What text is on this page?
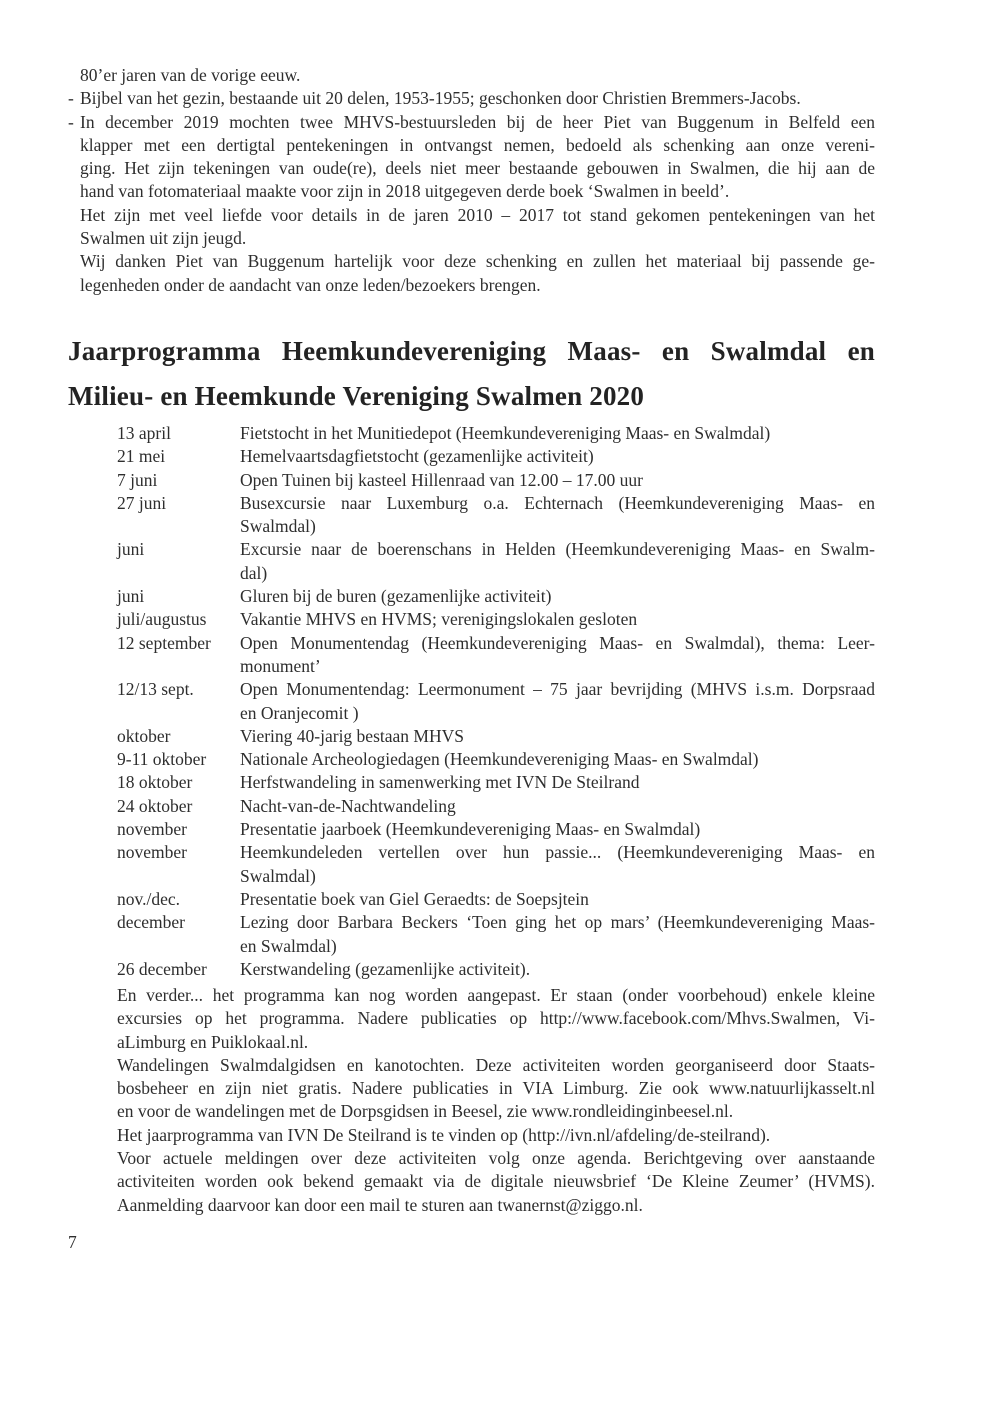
80’er jaren van de vorige eeuw.
- Bijbel van het gezin, bestaande uit 20 delen, 1953-1955; geschonken door Christien Bremmers-Jacobs.
- In december 2019 mochten twee MHVS-bestuursleden bij de heer Piet van Buggenum in Belfeld een
klapper met een dertigtal pentekeningen in ontvangst nemen, bedoeld als schenking aan onze vereni-
ging. Het zijn tekeningen van oude(re), deels niet meer bestaande gebouwen in Swalmen, die hij aan de
hand van fotomateriaal maakte voor zijn in 2018 uitgegeven derde boek ‘Swalmen in beeld’.
Het zijn met veel liefde voor details in de jaren 2010 – 2017 tot stand gekomen pentekeningen van het
Swalmen uit zijn jeugd.
Wij danken Piet van Buggenum hartelijk voor deze schenking en zullen het materiaal bij passende ge-
legenheden onder de aandacht van onze leden/bezoekers brengen.
Jaarprogramma Heemkundevereniging Maas- en Swalmdal en
Milieu- en Heemkunde Vereniging Swalmen 2020
13 april	Fietstocht in het Munitiedepot (Heemkundevereniging Maas- en Swalmdal)
21 mei	Hemelvaartsdagfietstocht (gezamenlijke activiteit)
7 juni	Open Tuinen bij kasteel Hillenraad van 12.00 – 17.00 uur
27 juni	Busexcursie naar Luxemburg o.a. Echternach (Heemkundevereniging Maas- en
Swalmdal)
juni	Excursie naar de boerenschans in Helden (Heemkundevereniging Maas- en Swalm-
dal)
juni	Gluren bij de buren (gezamenlijke activiteit)
juli/augustus	Vakantie MHVS en HVMS; verenigingslokalen gesloten
12 september	Open Monumentendag (Heemkundevereniging Maas- en Swalmdal), thema: Leer-
monument’
12/13 sept.	Open Monumentendag: Leermonument – 75 jaar bevrijding (MHVS i.s.m. Dorpsraad
en Oranjecomit )
oktober	Viering 40-jarig bestaan MHVS
9-11 oktober	Nationale Archeologiedagen (Heemkundevereniging Maas- en Swalmdal)
18 oktober	Herfstwandeling in samenwerking met IVN De Steilrand
24 oktober	Nacht-van-de-Nachtwandeling
november	Presentatie jaarboek (Heemkundevereniging Maas- en Swalmdal)
november	Heemkundeleden vertellen over hun passie... (Heemkundevereniging Maas- en
Swalmdal)
nov./dec.	Presentatie boek van Giel Geraedts: de Soepsjtein
december	Lezing door Barbara Beckers ‘Toen ging het op mars’ (Heemkundevereniging Maas-
en Swalmdal)
26 december	Kerstwandeling (gezamenlijke activiteit).
En verder... het programma kan nog worden aangepast. Er staan (onder voorbehoud) enkele kleine
excursies op het programma. Nadere publicaties op http://www.facebook.com/Mhvs.Swalmen, Vi-
aLimburg en Puiklokaal.nl.
Wandelingen Swalmdalgidsen en kanotochten. Deze activiteiten worden georganiseerd door Staats-
bosbeheer en zijn niet gratis. Nadere publicaties in VIA Limburg. Zie ook www.natuurlijkasselt.nl
en voor de wandelingen met de Dorpsgidsen in Beesel, zie www.rondleidinginbeesel.nl.
Het jaarprogramma van IVN De Steilrand is te vinden op (http://ivn.nl/afdeling/de-steilrand).
Voor actuele meldingen over deze activiteiten volg onze agenda. Berichtgeving over aanstaande
activiteiten worden ook bekend gemaakt via de digitale nieuwsbrief ‘De Kleine Zeumer’ (HVMS).
Aanmelding daarvoor kan door een mail te sturen aan twanernst@ziggo.nl.
7
